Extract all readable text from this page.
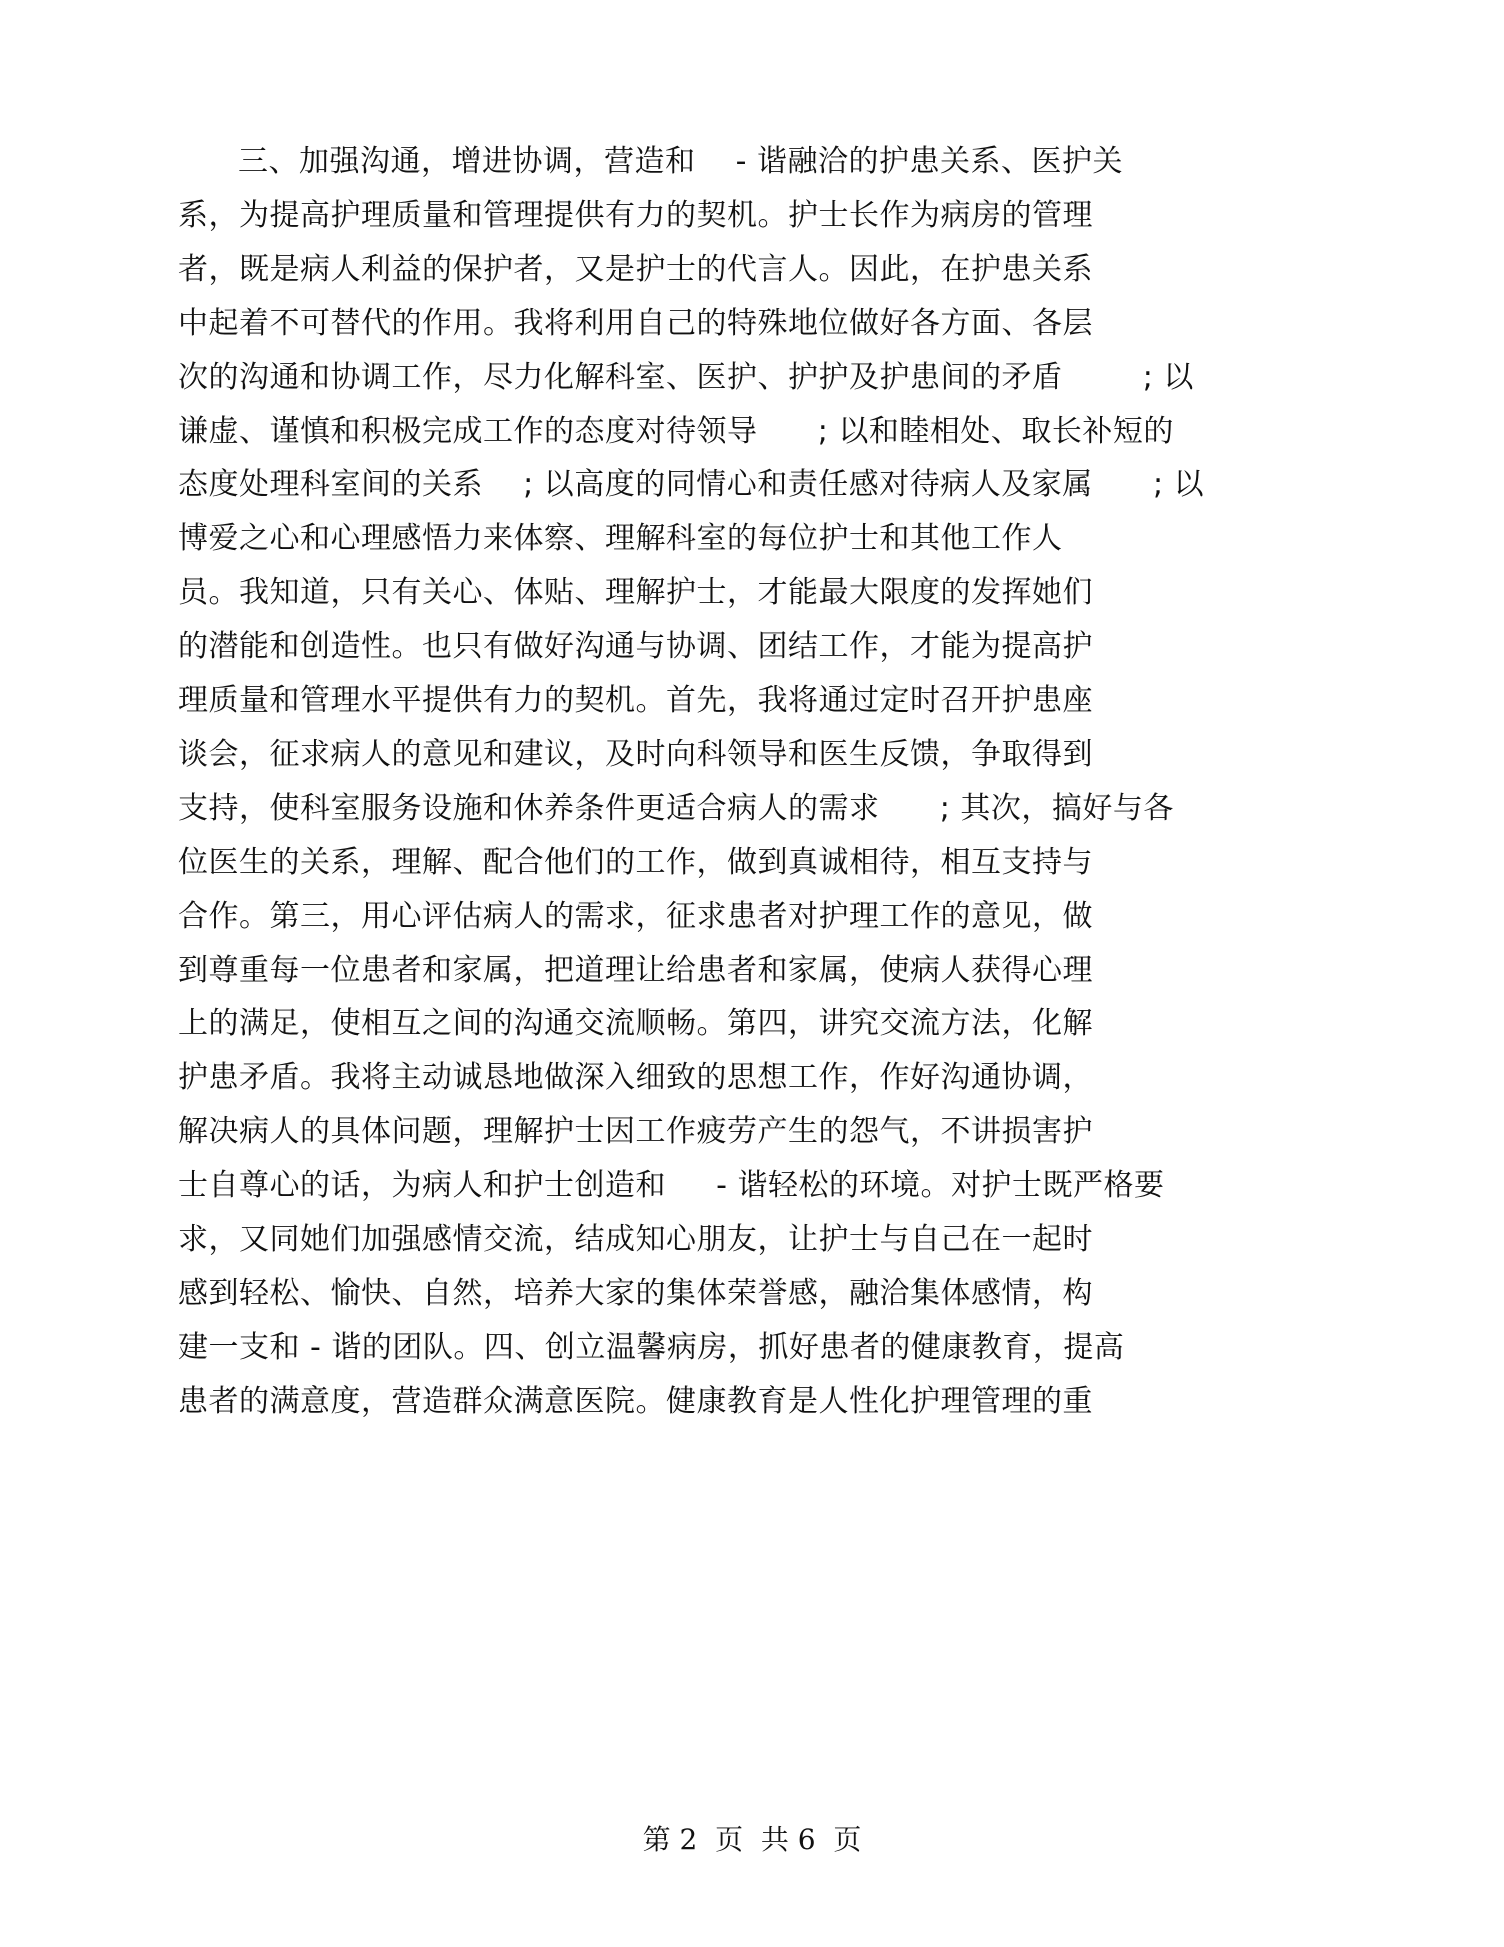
三、加强沟通，增进协调，营造和    - 谐融洽的护患关系、医护关
系，为提高护理质量和管理提供有力的契机。护士长作为病房的管理
者，既是病人利益的保护者，又是护士的代言人。因此，在护患关系
中起着不可替代的作用。我将利用自己的特殊地位做好各方面、各层
次的沟通和协调工作，尽力化解科室、医护、护护及护患间的矛盾        ; 以
谦虚、谨慎和积极完成工作的态度对待领导      ; 以和睦相处、取长补短的
态度处理科室间的关系    ; 以高度的同情心和责任感对待病人及家属      ; 以
博爱之心和心理感悟力来体察、理解科室的每位护士和其他工作人
员。我知道，只有关心、体贴、理解护士，才能最大限度的发挥她们
的潜能和创造性。也只有做好沟通与协调、团结工作，才能为提高护
理质量和管理水平提供有力的契机。首先，我将通过定时召开护患座
谈会，征求病人的意见和建议，及时向科领导和医生反馈，争取得到
支持，使科室服务设施和休养条件更适合病人的需求      ; 其次，搞好与各
位医生的关系，理解、配合他们的工作，做到真诚相待，相互支持与
合作。第三，用心评估病人的需求，征求患者对护理工作的意见，做
到尊重每一位患者和家属，把道理让给患者和家属，使病人获得心理
上的满足，使相互之间的沟通交流顺畅。第四，讲究交流方法，化解
护患矛盾。我将主动诚恳地做深入细致的思想工作，作好沟通协调，
解决病人的具体问题，理解护士因工作疲劳产生的怨气，不讲损害护
士自尊心的话，为病人和护士创造和     - 谐轻松的环境。对护士既严格要
求，又同她们加强感情交流，结成知心朋友，让护士与自己在一起时
感到轻松、愉快、自然，培养大家的集体荣誉感，融洽集体感情，构
建一支和 - 谐的团队。四、创立温馨病房，抓好患者的健康教育，提高
患者的满意度，营造群众满意医院。健康教育是人性化护理管理的重
第 2  页  共 6  页
